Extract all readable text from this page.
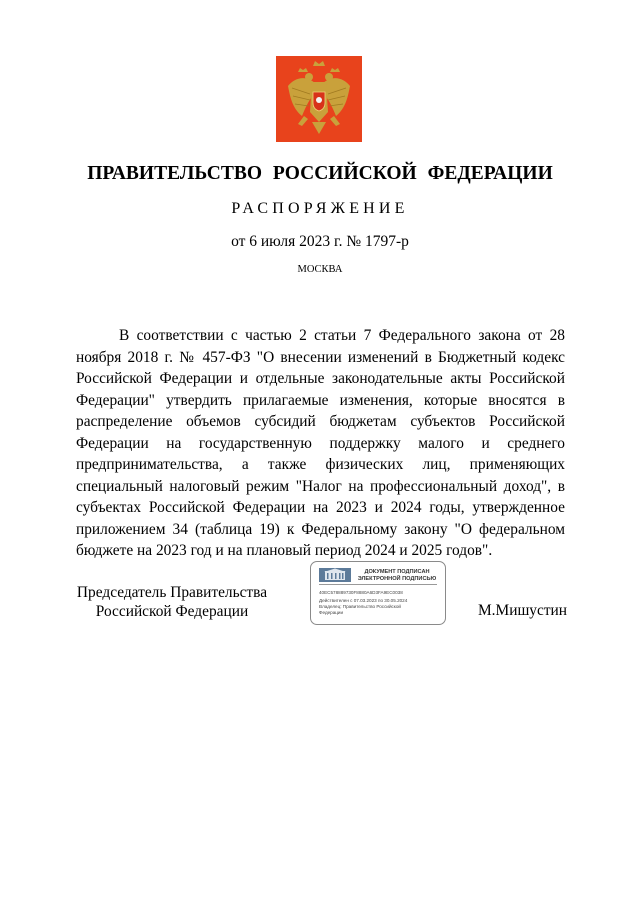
ПРАВИТЕЛЬСТВО РОССИЙСКОЙ ФЕДЕРАЦИИ
РАСПОРЯЖЕНИЕ
от 6 июля 2023 г. № 1797-р
МОСКВА

В соответствии с частью 2 статьи 7 Федерального закона от 28 ноября 2018 г. № 457-ФЗ "О внесении изменений в Бюджетный кодекс Российской Федерации и отдельные законодательные акты Российской Федерации" утвердить прилагаемые изменения, которые вносятся в распределение объемов субсидий бюджетам субъектов Российской Федерации на государственную поддержку малого и среднего предпринимательства, а также физических лиц, применяющих специальный налоговый режим "Налог на профессиональный доход", в субъектах Российской Федерации на 2023 и 2024 годы, утвержденное приложением 34 (таблица 19) к Федеральному закону "О федеральном бюджете на 2023 год и на плановый период 2024 и 2025 годов".

Председатель Правительства
Российской Федерации
ДОКУМЕНТ ПОДПИСАН
ЭЛЕКТРОННОЙ ПОДПИСЬЮ
40EC578889730F8880A6D3FA9EC0038
Действителен с 07.03.2023 по 30.05.2024
Владелец: Правительство Российской
Федерации	М.Мишустин
